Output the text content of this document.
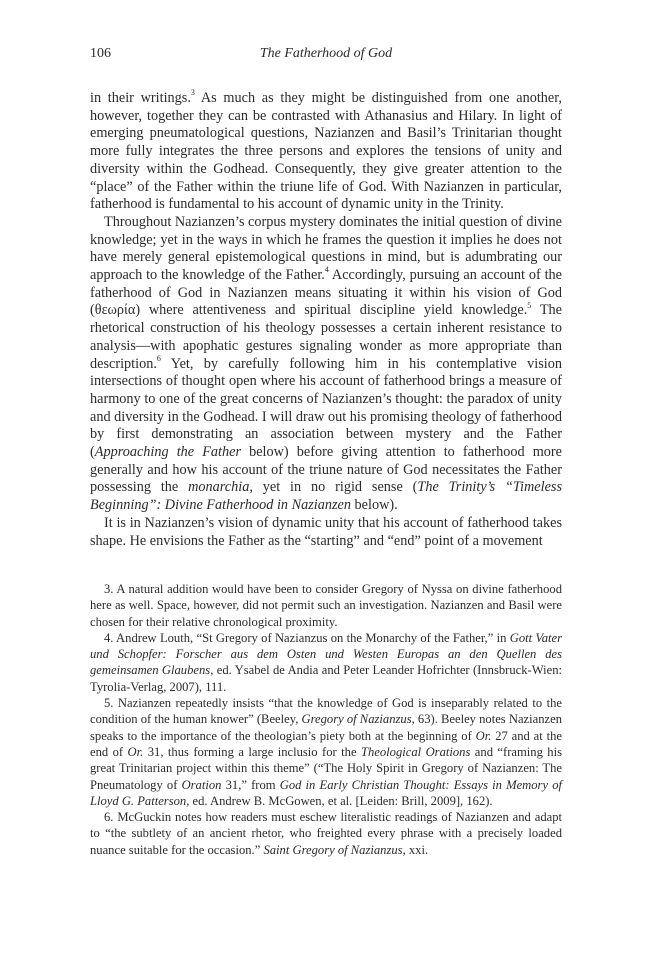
106	The Fatherhood of God

in their writings.$^3$ As much as they might be distinguished from one another, however, together they can be contrasted with Athanasius and Hilary. In light of emerging pneumatological questions, Nazianzen and Basil’s Trinitarian thought more fully integrates the three persons and explores the tensions of unity and diversity within the Godhead. Consequently, they give greater attention to the “place” of the Father within the triune life of God. With Nazianzen in particular, fatherhood is fundamental to his account of dynamic unity in the Trinity.

Throughout Nazianzen’s corpus mystery dominates the initial question of divine knowledge; yet in the ways in which he frames the question it implies he does not have merely general epistemological questions in mind, but is adumbrating our approach to the knowledge of the Father.$^4$ Accordingly, pursuing an account of the fatherhood of God in Nazianzen means situating it within his vision of God (θεωρία) where attentiveness and spiritual discipline yield knowledge.$^5$ The rhetorical construction of his theology possesses a certain inherent resistance to analysis—with apophatic gestures signaling wonder as more appropriate than description.$^6$ Yet, by carefully following him in his contemplative vision intersections of thought open where his account of fatherhood brings a measure of harmony to one of the great concerns of Nazianzen’s thought: the paradox of unity and diversity in the Godhead. I will draw out his promising theology of fatherhood by first demonstrating an association between mystery and the Father (Approaching the Father below) before giving attention to fatherhood more generally and how his account of the triune nature of God necessitates the Father possessing the monarchia, yet in no rigid sense (The Trinity’s “Timeless Beginning”: Divine Fatherhood in Nazianzen below).

It is in Nazianzen’s vision of dynamic unity that his account of fatherhood takes shape. He envisions the Father as the “starting” and “end” point of a movement

3. A natural addition would have been to consider Gregory of Nyssa on divine fatherhood here as well. Space, however, did not permit such an investigation. Nazianzen and Basil were chosen for their relative chronological proximity.

4. Andrew Louth, “St Gregory of Nazianzus on the Monarchy of the Father,” in Gott Vater und Schopfer: Forscher aus dem Osten und Westen Europas an den Quellen des gemeinsamen Glaubens, ed. Ysabel de Andia and Peter Leander Hofrichter (Innsbruck-Wien: Tyrolia-Verlag, 2007), 111.

5. Nazianzen repeatedly insists “that the knowledge of God is inseparably related to the condition of the human knower” (Beeley, Gregory of Nazianzus, 63). Beeley notes Nazianzen speaks to the importance of the theologian’s piety both at the beginning of Or. 27 and at the end of Or. 31, thus forming a large inclusio for the Theological Orations and “framing his great Trinitarian project within this theme” (“The Holy Spirit in Gregory of Nazianzen: The Pneumatology of Oration 31,” from God in Early Christian Thought: Essays in Memory of Lloyd G. Patterson, ed. Andrew B. McGowen, et al. [Leiden: Brill, 2009], 162).

6. McGuckin notes how readers must eschew literalistic readings of Nazianzen and adapt to “the subtlety of an ancient rhetor, who freighted every phrase with a precisely loaded nuance suitable for the occasion.” Saint Gregory of Nazianzus, xxi.
